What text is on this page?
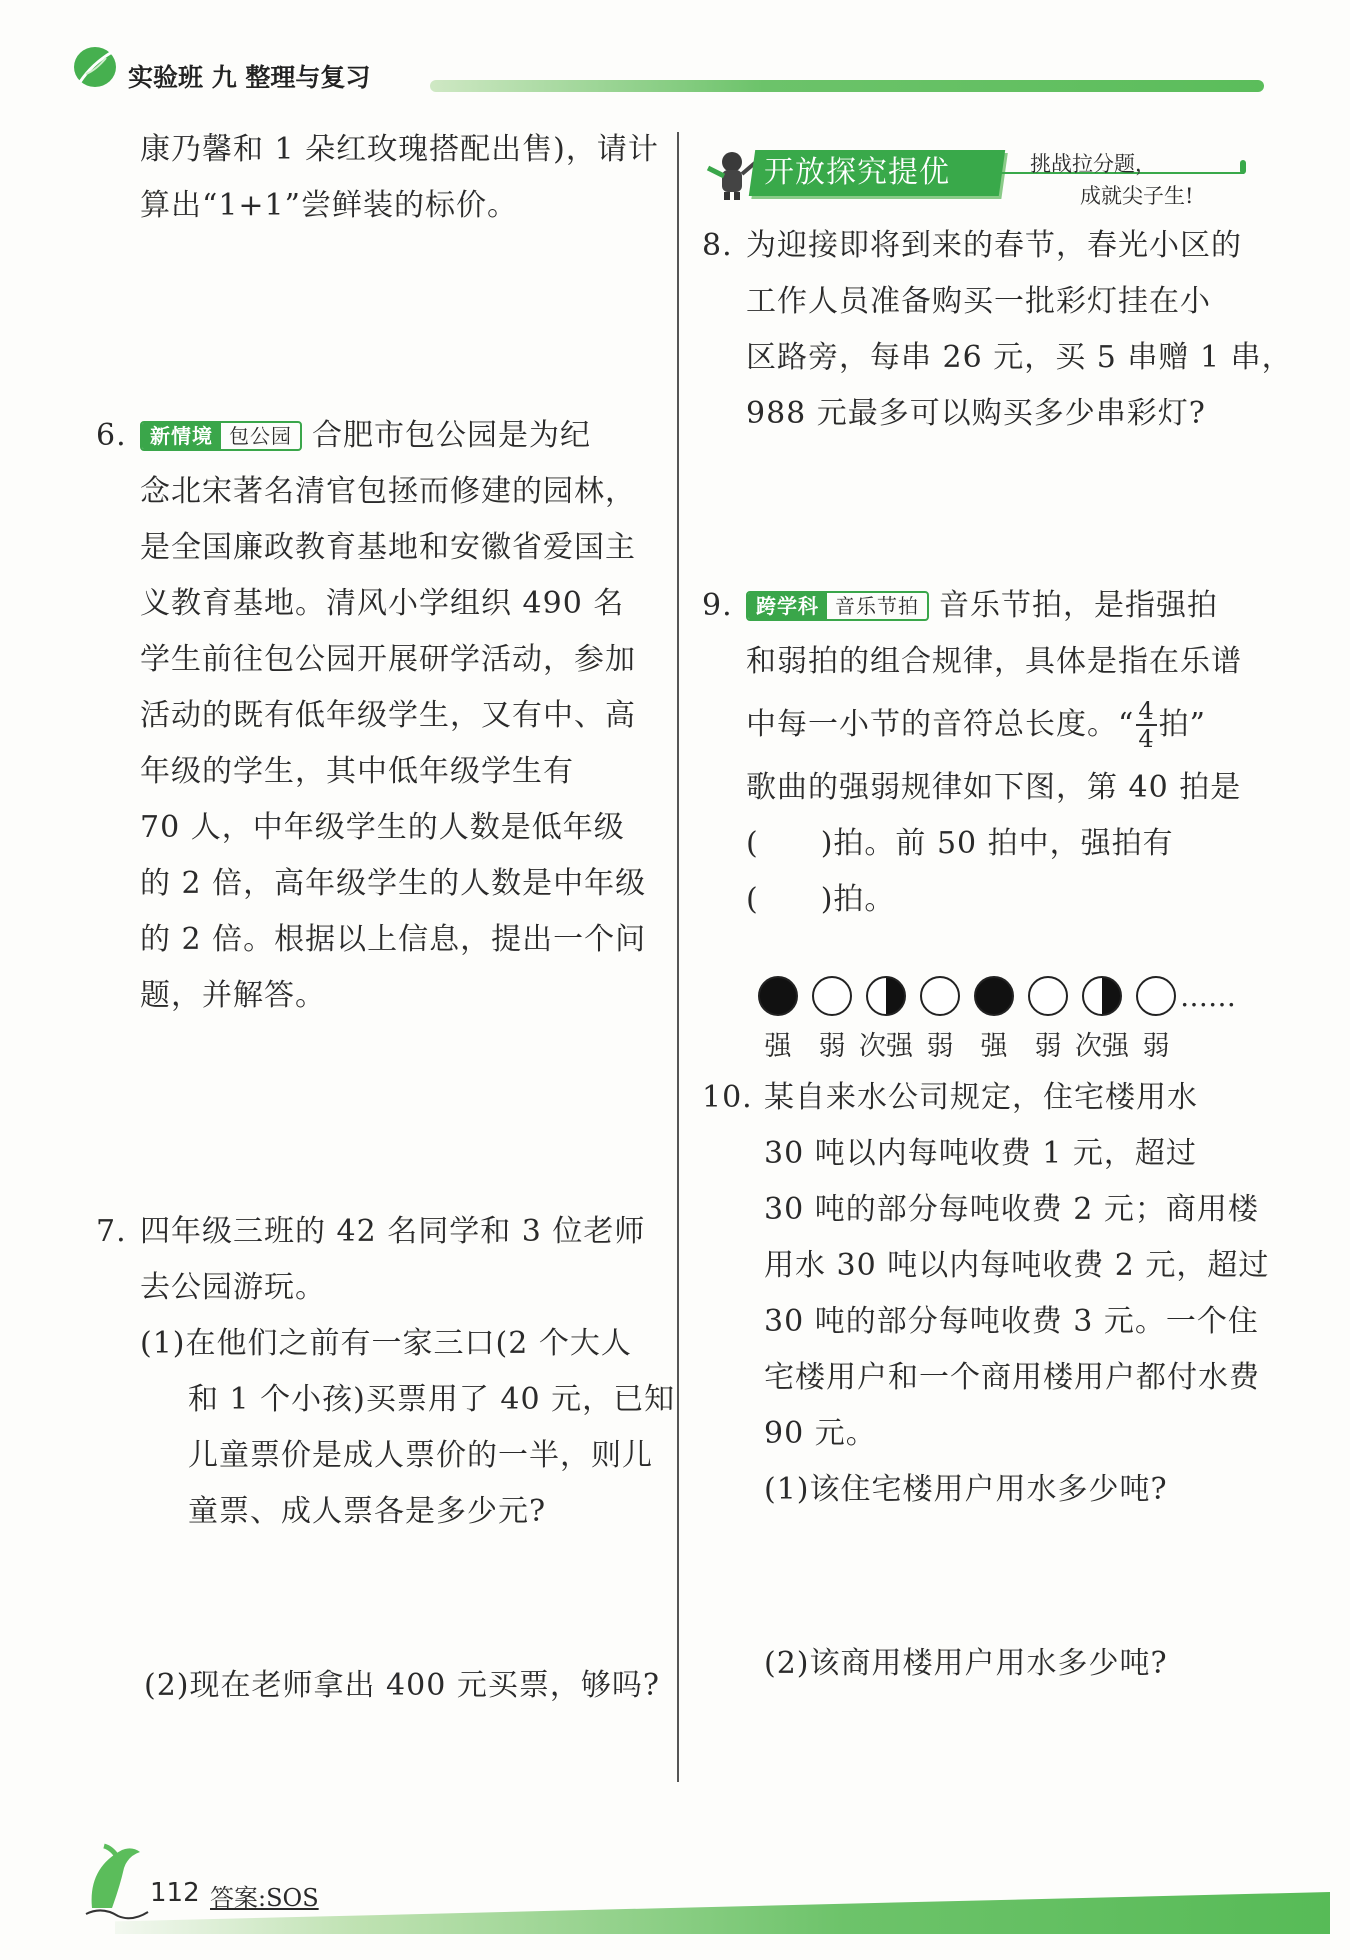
实验班 九 整理与复习
康乃馨和 1 朵红玫瑰搭配出售)，请计
算出“1+1”尝鲜装的标价。
6.	新情境 包公园 合肥市包公园是为纪
念北宋著名清官包拯而修建的园林，
是全国廉政教育基地和安徽省爱国主
义教育基地。清风小学组织 490 名
学生前往包公园开展研学活动，参加
活动的既有低年级学生，又有中、高
年级的学生，其中低年级学生有
70 人，中年级学生的人数是低年级
的 2 倍，高年级学生的人数是中年级
的 2 倍。根据以上信息，提出一个问
题，并解答。
7. 四年级三班的 42 名同学和 3 位老师
去公园游玩。
(1)在他们之前有一家三口(2 个大人
和 1 个小孩)买票用了 40 元，已知
儿童票价是成人票价的一半，则儿
童票、成人票各是多少元?
(2)现在老师拿出 400 元买票，够吗?
开放探究提优	挑战拉分题，
成就尖子生!
8. 为迎接即将到来的春节，春光小区的
工作人员准备购买一批彩灯挂在小
区路旁，每串 26 元，买 5 串赠 1 串，
988 元最多可以购买多少串彩灯?
9.	跨学科 音乐节拍 音乐节拍，是指强拍
和弱拍的组合规律，具体是指在乐谱
中每一小节的音符总长度。“ $\frac{4}{4}$ 拍”
歌曲的强弱规律如下图，第 40 拍是
(　　)拍。前 50 拍中，强拍有
(　　)拍。
……
强 弱 次强 弱 强 弱 次强 弱
10. 某自来水公司规定，住宅楼用水
30 吨以内每吨收费 1 元，超过
30 吨的部分每吨收费 2 元；商用楼
用水 30 吨以内每吨收费 2 元，超过
30 吨的部分每吨收费 3 元。一个住
宅楼用户和一个商用楼用户都付水费
90 元。
(1)该住宅楼用户用水多少吨?
(2)该商用楼用户用水多少吨?
112 答案:SOS
